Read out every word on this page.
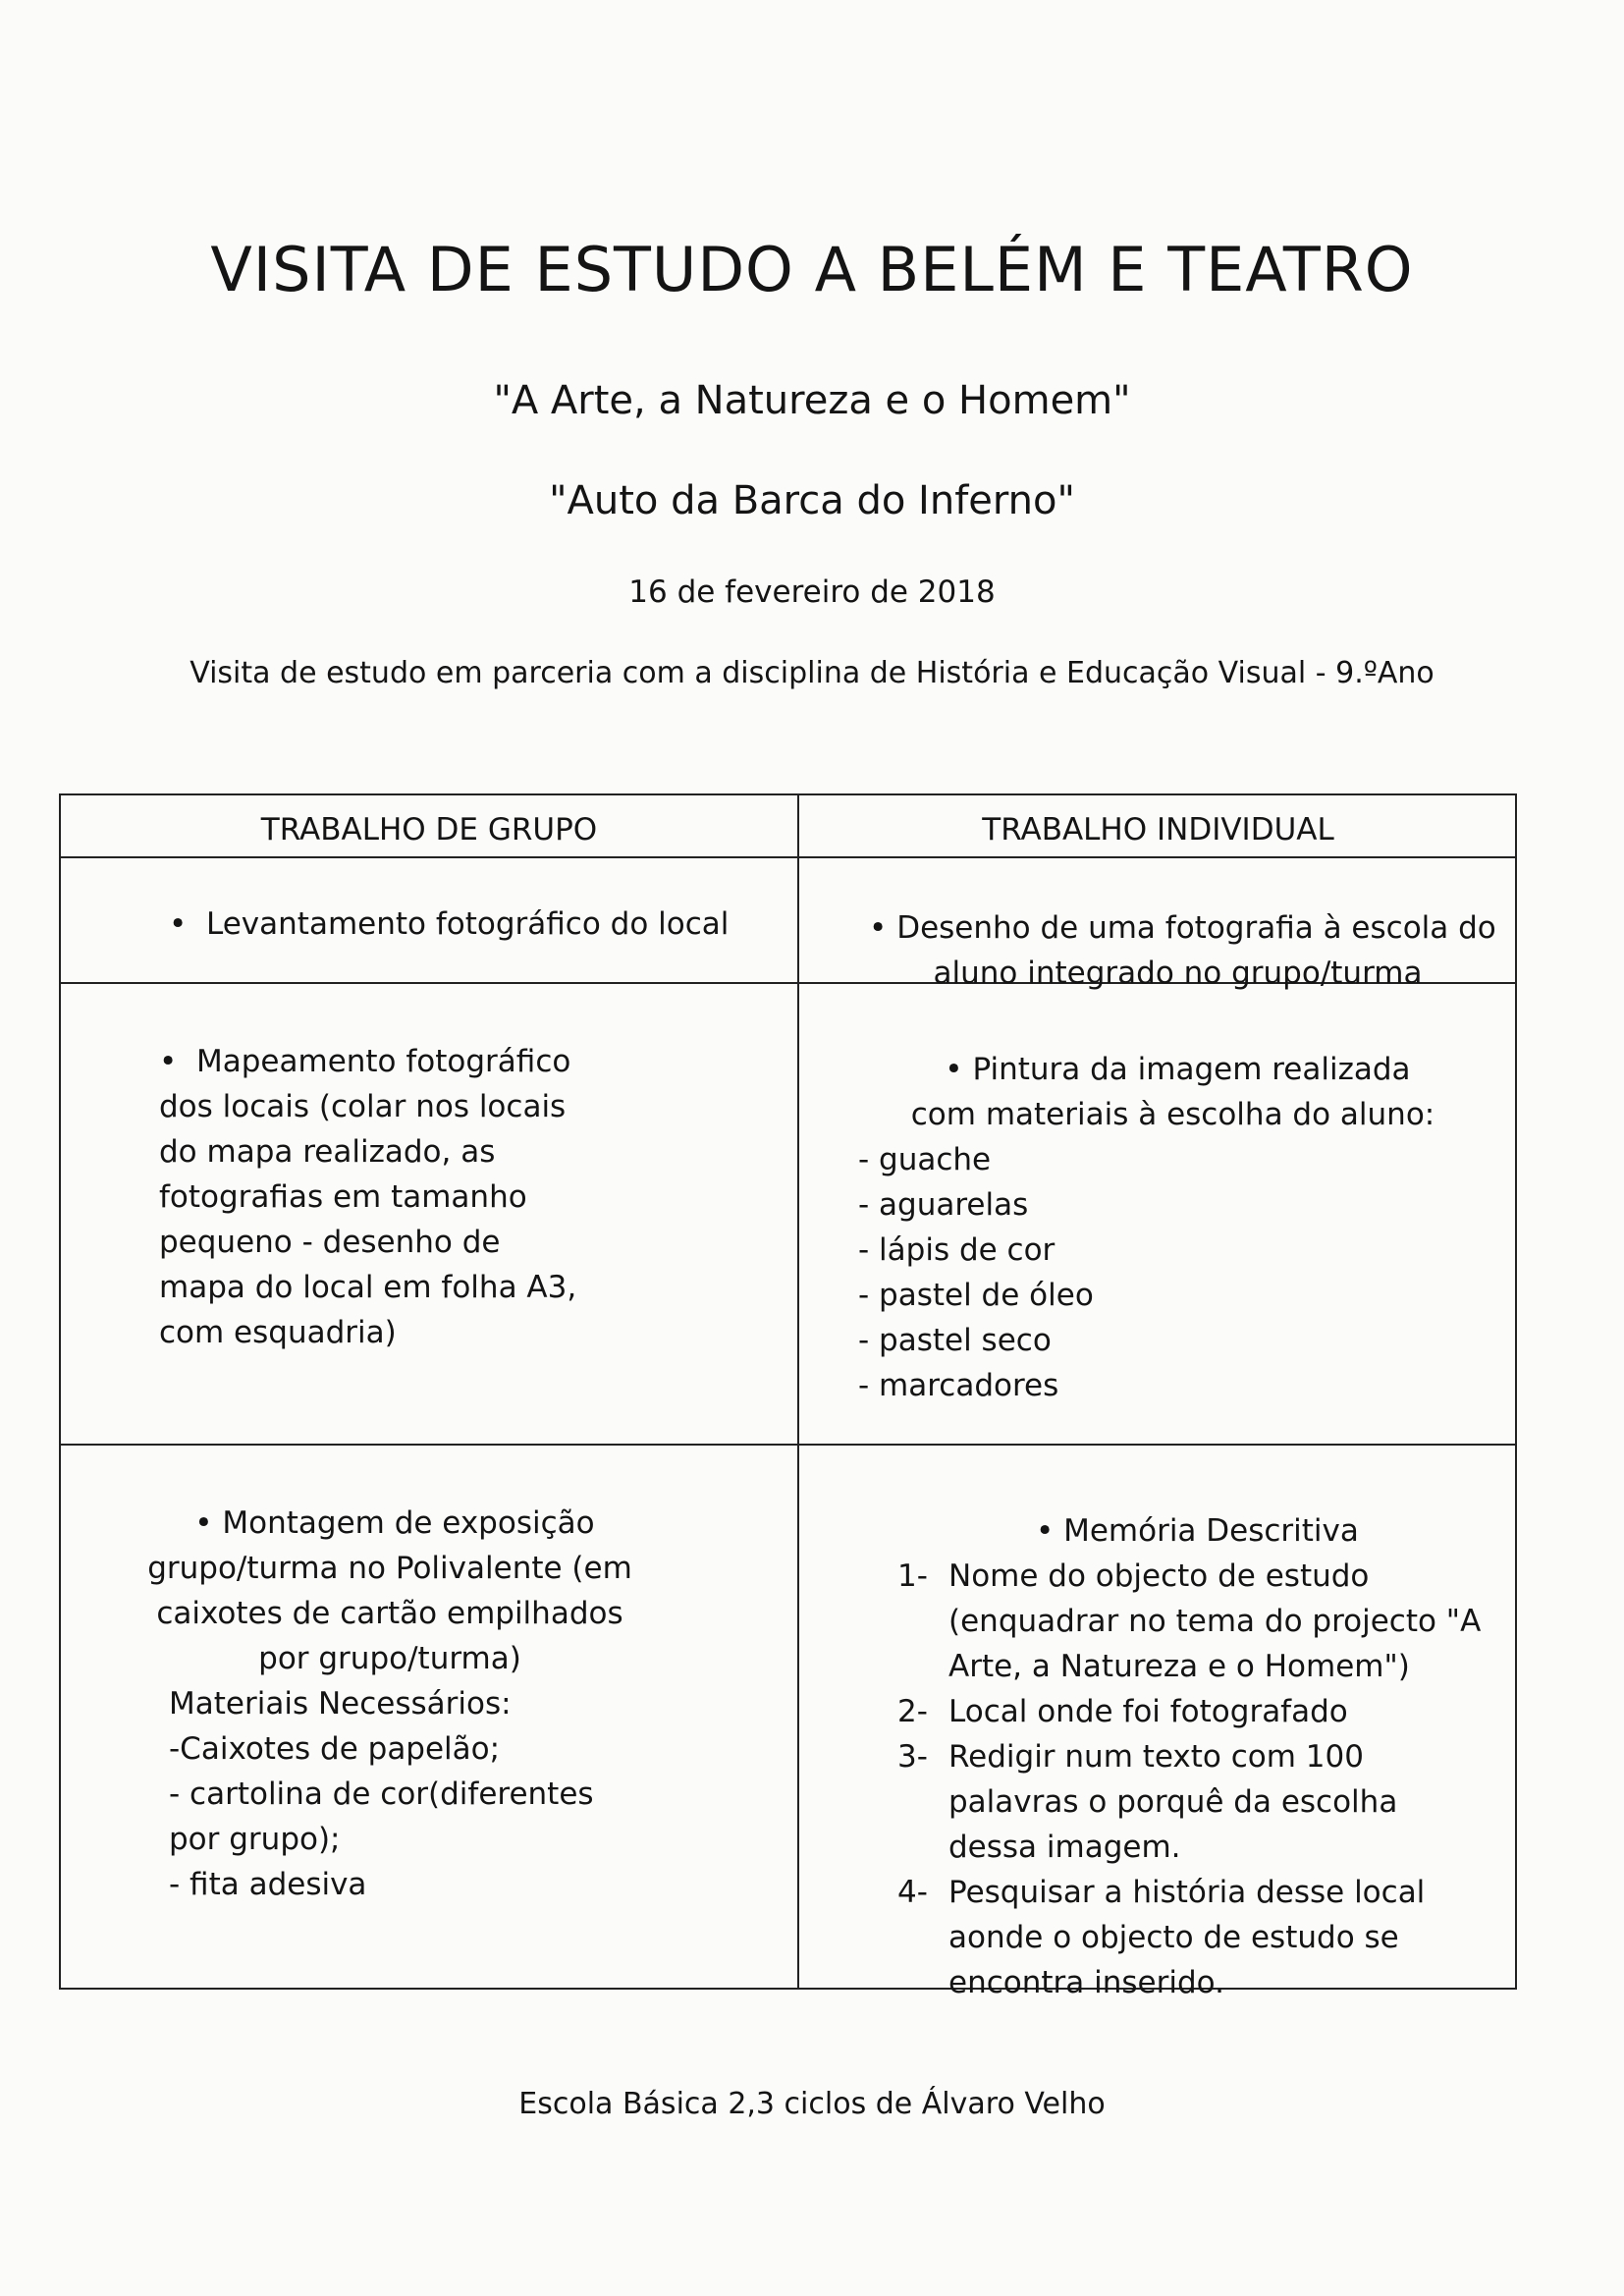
VISITA DE ESTUDO A BELÉM E TEATRO
"A Arte, a Natureza e o Homem"
"Auto da Barca do Inferno"
16 de fevereiro de 2018
Visita de estudo em parceria com a disciplina de História e Educação Visual - 9.ºAno
TRABALHO DE GRUPO	TRABALHO INDIVIDUAL
• Levantamento fotográfico do local	• Desenho de uma fotografia à escola do aluno integrado no grupo/turma
• Mapeamento fotográfico dos locais (colar nos locais do mapa realizado, as fotografias em tamanho pequeno - desenho de mapa do local em folha A3, com esquadria)
• Pintura da imagem realizada com materiais à escolha do aluno:
- guache
- aguarelas
- lápis de cor
- pastel de óleo
- pastel seco
- marcadores
• Montagem de exposição grupo/turma no Polivalente (em caixotes de cartão empilhados por grupo/turma)
Materiais Necessários:
-Caixotes de papelão;
- cartolina de cor(diferentes por grupo);
- fita adesiva
• Memória Descritiva
1- Nome do objecto de estudo (enquadrar no tema do projecto "A Arte, a Natureza e o Homem")
2- Local onde foi fotografado
3- Redigir num texto com 100 palavras o porquê da escolha dessa imagem.
4- Pesquisar a história desse local aonde o objecto de estudo se encontra inserido.
Escola Básica 2,3 ciclos de Álvaro Velho
